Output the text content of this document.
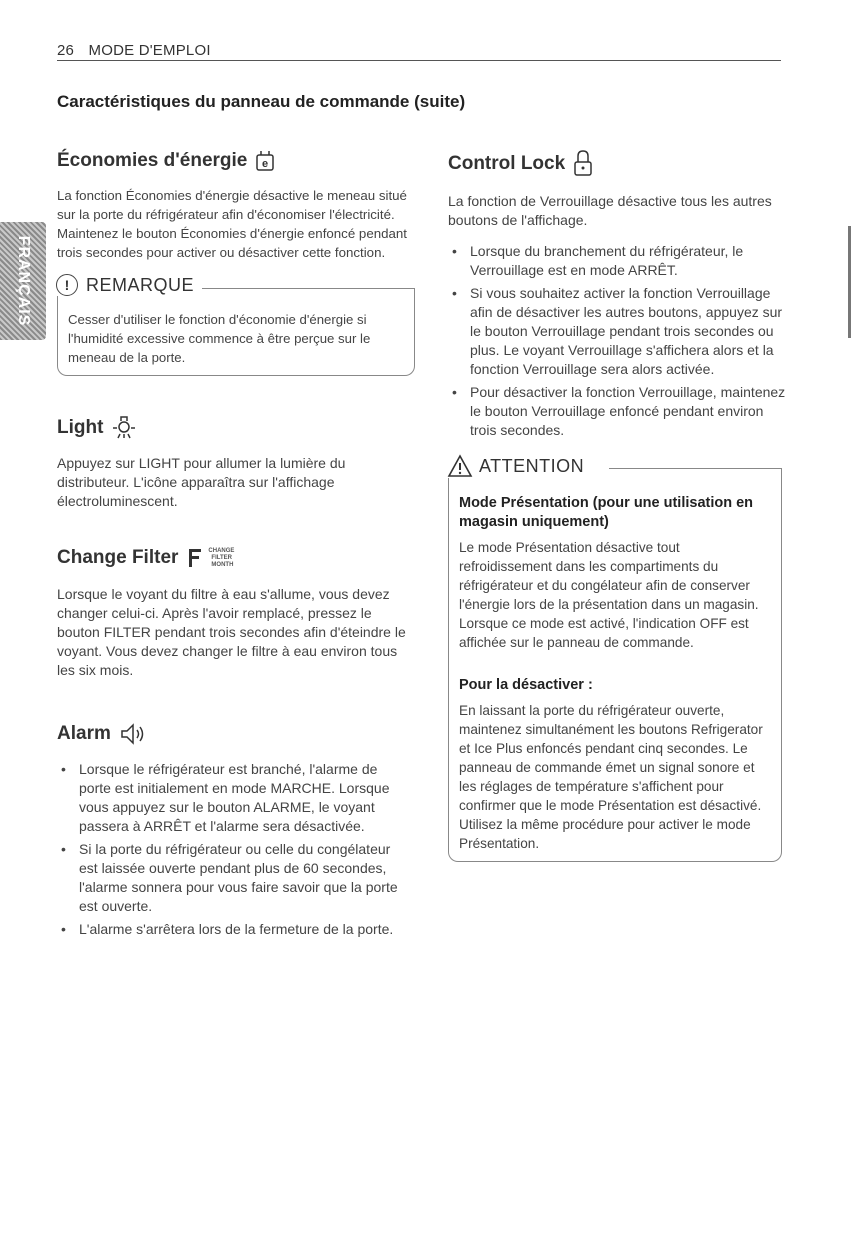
26 MODE D'EMPLOI
Caractéristiques du panneau de commande (suite)
FRANÇAIS
Économies d'énergie e

La fonction Économies d'énergie désactive le meneau situé sur la porte du réfrigérateur afin d'économiser l'électricité. Maintenez le bouton Économies d'énergie enfoncé pendant trois secondes pour activer ou désactiver cette fonction.

! REMARQUE
Cesser d'utiliser le fonction d'économie d'énergie si l'humidité excessive commence à être perçue sur le meneau de la porte.
Light

Appuyez sur LIGHT pour allumer la lumière du distributeur. L'icône apparaîtra sur l'affichage électroluminescent.

Change Filter	CHANGE
FILTER
MONTH

Lorsque le voyant du filtre à eau s'allume, vous devez changer celui-ci. Après l'avoir remplacé, pressez le bouton FILTER pendant trois secondes afin d'éteindre le voyant. Vous devez changer le filtre à eau environ tous les six mois.

Alarm
• Lorsque le réfrigérateur est branché, l'alarme de porte est initialement en mode MARCHE. Lorsque vous appuyez sur le bouton ALARME, le voyant passera à ARRÊT et l'alarme sera désactivée.
• Si la porte du réfrigérateur ou celle du congélateur est laissée ouverte pendant plus de 60 secondes, l'alarme sonnera pour vous faire savoir que la porte est ouverte.
• L'alarme s'arrêtera lors de la fermeture de la porte.
Control Lock

La fonction de Verrouillage désactive tous les autres boutons de l'affichage.

• Lorsque du branchement du réfrigérateur, le Verrouillage est en mode ARRÊT.
• Si vous souhaitez activer la fonction Verrouillage afin de désactiver les autres boutons, appuyez sur le bouton Verrouillage pendant trois secondes ou plus. Le voyant Verrouillage s'affichera alors et la fonction Verrouillage sera alors activée.
• Pour désactiver la fonction Verrouillage, maintenez le bouton Verrouillage enfoncé pendant environ trois secondes.
ATTENTION
Mode Présentation (pour une utilisation en magasin uniquement)
Le mode Présentation désactive tout refroidissement dans les compartiments du réfrigérateur et du congélateur afin de conserver l'énergie lors de la présentation dans un magasin. Lorsque ce mode est activé, l'indication OFF est affichée sur le panneau de commande.
Pour la désactiver :
En laissant la porte du réfrigérateur ouverte, maintenez simultanément les boutons Refrigerator et Ice Plus enfoncés pendant cinq secondes. Le panneau de commande émet un signal sonore et les réglages de température s'affichent pour confirmer que le mode Présentation est désactivé. Utilisez la même procédure pour activer le mode Présentation.
